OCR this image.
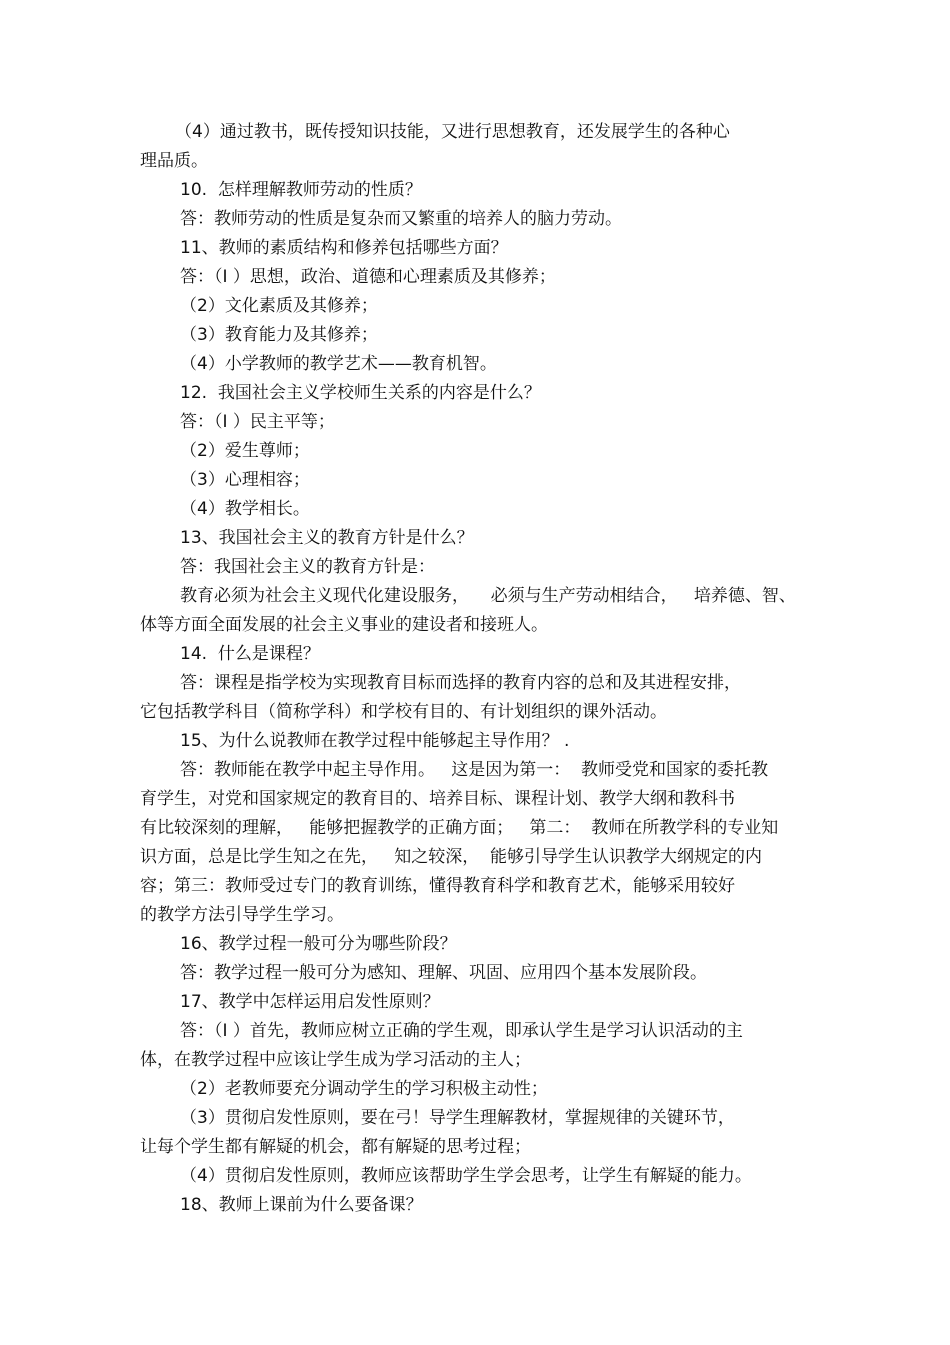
（4）通过教书，既传授知识技能，又进行思想教育，还发展学生的各种心
理品质。
10.  怎样理解教师劳动的性质？
答：教师劳动的性质是复杂而又繁重的培养人的脑力劳动。
11、教师的素质结构和修养包括哪些方面？
答：（I ）思想，政治、道德和心理素质及其修养；
（2）文化素质及其修养；
（3）教育能力及其修养；
（4）小学教师的教学艺术——教育机智。
12.  我国社会主义学校师生关系的内容是什么？
答：（I ）民主平等；
（2）爱生尊师；
（3）心理相容；
（4）教学相长。
13、我国社会主义的教育方针是什么？
答：我国社会主义的教育方针是：
教育必须为社会主义现代化建设服务，    必须与生产劳动相结合，   培养德、智、
体等方面全面发展的社会主义事业的建设者和接班人。
14.  什么是课程？
答：课程是指学校为实现教育目标而选择的教育内容的总和及其进程安排，
它包括教学科目（简称学科）和学校有目的、有计划组织的课外活动。
15、为什么说教师在教学过程中能够起主导作用？ .
答：教师能在教学中起主导作用。   这是因为第一：  教师受党和国家的委托教
育学生，对党和国家规定的教育目的、培养目标、课程计划、教学大纲和教科书
有比较深刻的理解，   能够把握教学的正确方面；   第二：  教师在所教学科的专业知
识方面，总是比学生知之在先，   知之较深，  能够引导学生认识教学大纲规定的内
容；第三：教师受过专门的教育训练，懂得教育科学和教育艺术，能够采用较好
的教学方法引导学生学习。
16、教学过程一般可分为哪些阶段？
答：教学过程一般可分为感知、理解、巩固、应用四个基本发展阶段。
17、教学中怎样运用启发性原则？
答：（I ）首先，教师应树立正确的学生观，即承认学生是学习认识活动的主
体，在教学过程中应该让学生成为学习活动的主人；
（2）老教师要充分调动学生的学习积极主动性；
（3）贯彻启发性原则，要在弓！导学生理解教材，掌握规律的关键环节，
让每个学生都有解疑的机会，都有解疑的思考过程；
（4）贯彻启发性原则，教师应该帮助学生学会思考，让学生有解疑的能力。
18、教师上课前为什么要备课？
